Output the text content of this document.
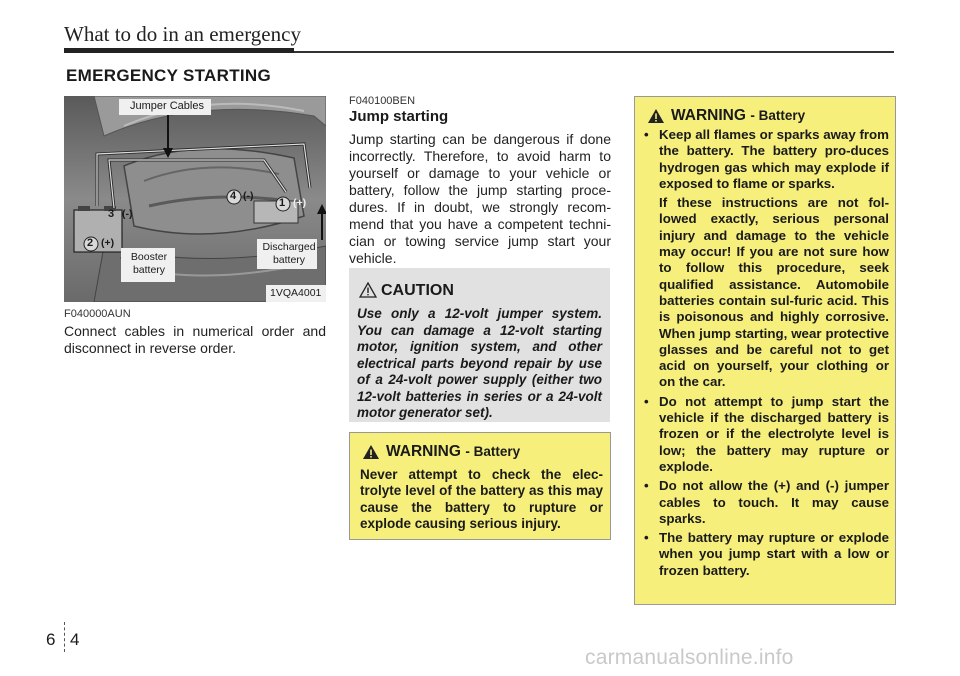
What to do in an emergency
EMERGENCY STARTING
Jumper Cables
Booster
battery
Discharged
battery
1VQA4001
1 (+)
4 (-)
3 (-)
2 (+)
F040000AUN
Connect cables in numerical order and disconnect in reverse order.
F040100BEN
Jump starting
Jump starting can be dangerous if done incorrectly. Therefore, to avoid harm to yourself or damage to your vehicle or battery, follow the jump starting proce-dures. If in doubt, we strongly recom-mend that you have a competent techni-cian or towing service jump start your vehicle.
CAUTION
Use only a 12-volt jumper system. You can damage a 12-volt starting motor, ignition system, and other electrical parts beyond repair by use of a 24-volt power supply (either two 12-volt batteries in series or a 24-volt motor generator set).
WARNING - Battery
Never attempt to check the elec-trolyte level of the battery as this may cause the battery to rupture or explode causing serious injury.
WARNING - Battery
• Keep all flames or sparks away from the battery. The battery pro-duces hydrogen gas which may explode if exposed to flame or sparks.

If these instructions are not fol-lowed exactly, serious personal injury and damage to the vehicle may occur! If you are not sure how to follow this procedure, seek qualified assistance. Automobile batteries contain sul-furic acid. This is poisonous and highly corrosive. When jump starting, wear protective glasses and be careful not to get acid on yourself, your clothing or on the car.

• Do not attempt to jump start the vehicle if the discharged battery is frozen or if the electrolyte level is low; the battery may rupture or explode.

• Do not allow the (+) and (-) jumper cables to touch. It may cause sparks.

• The battery may rupture or explode when you jump start with a low or frozen battery.

6 4
carmanualsonline.info
